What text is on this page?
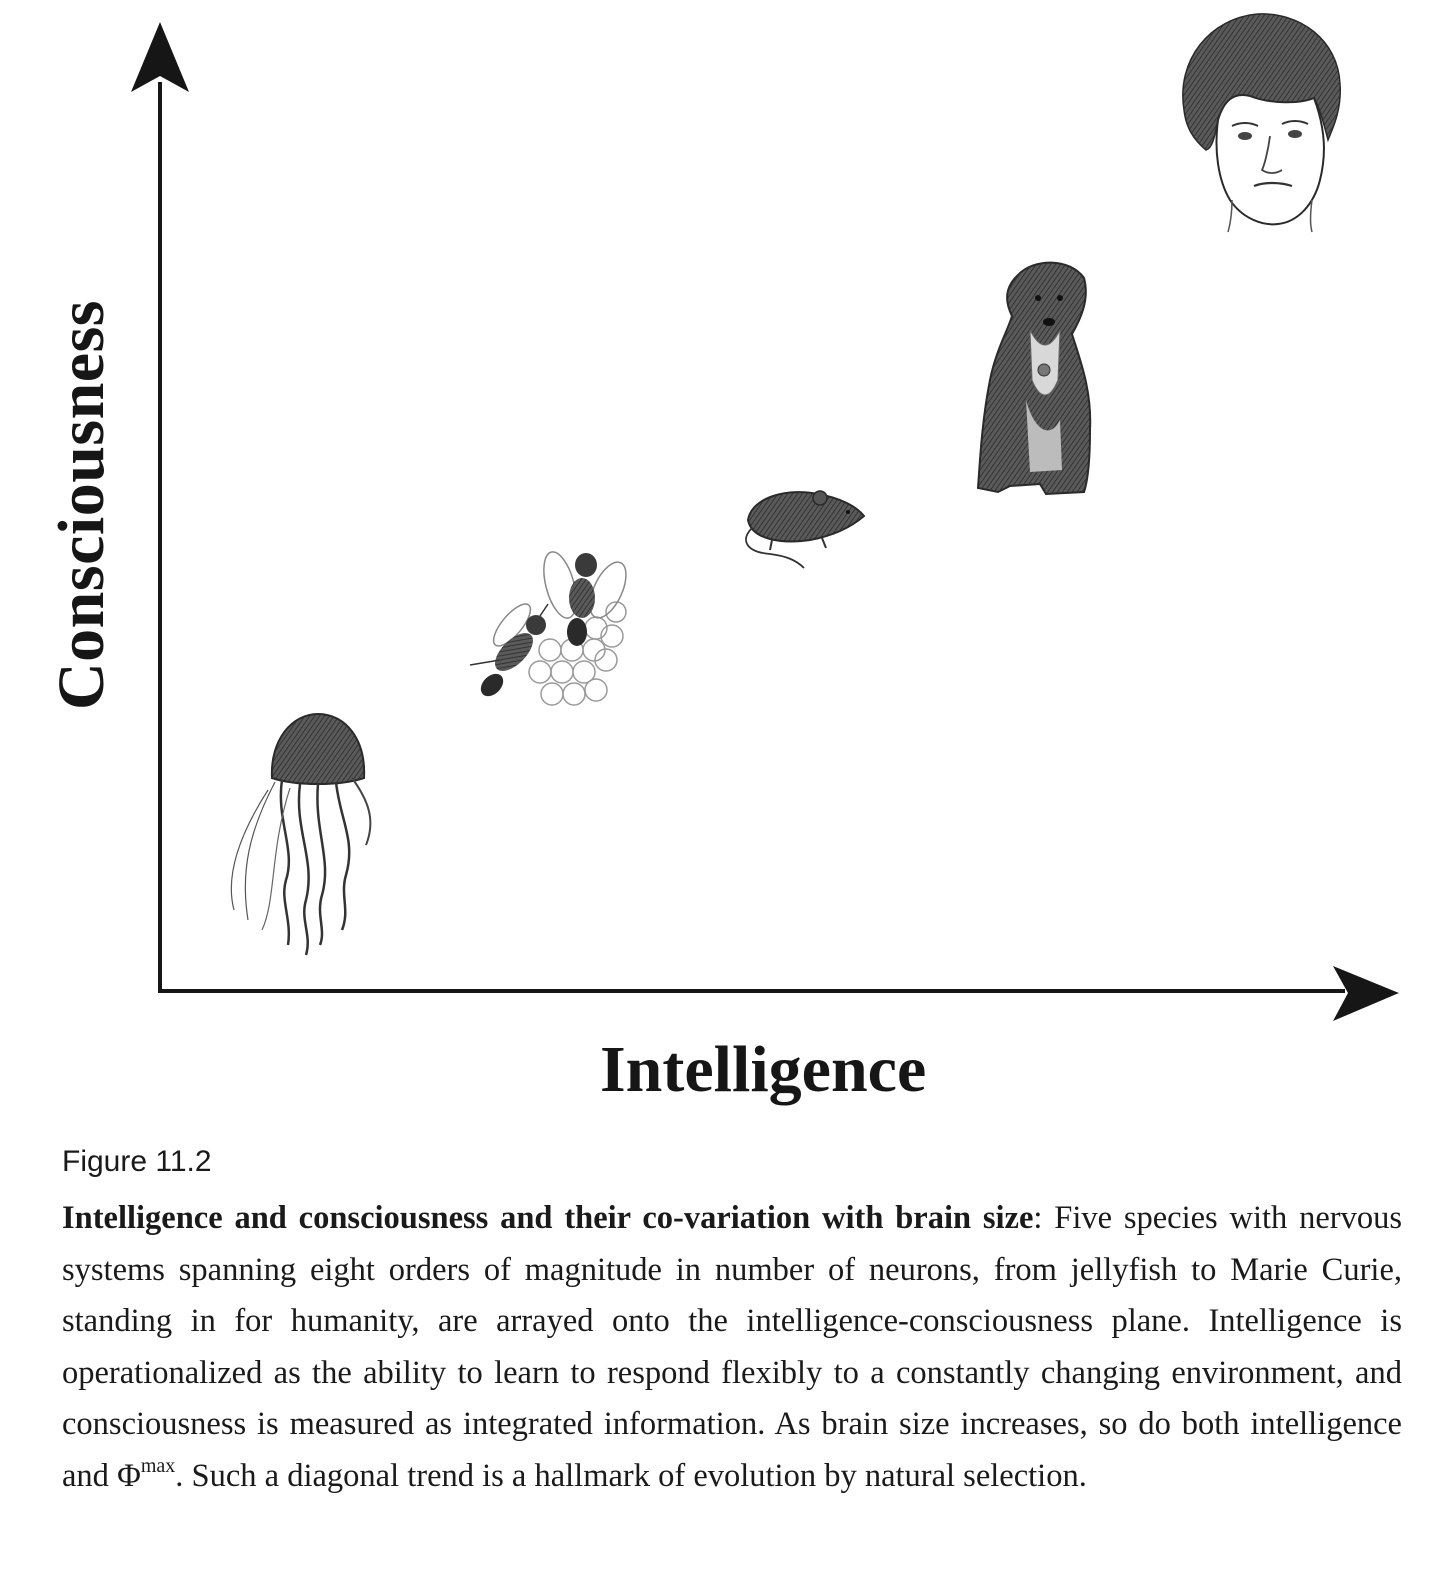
Consciousness
Intelligence
Figure 11.2

Intelligence and consciousness and their co-variation with brain size: Five species with nervous systems spanning eight orders of magnitude in number of neurons, from jellyfish to Marie Curie, standing in for humanity, are arrayed onto the intelligence-consciousness plane. Intelligence is operationalized as the ability to learn to respond flexibly to a constantly changing environment, and consciousness is measured as integrated information. As brain size increases, so do both intelligence and $\Phi^{max}$. Such a diagonal trend is a hallmark of evolution by natural selection.
